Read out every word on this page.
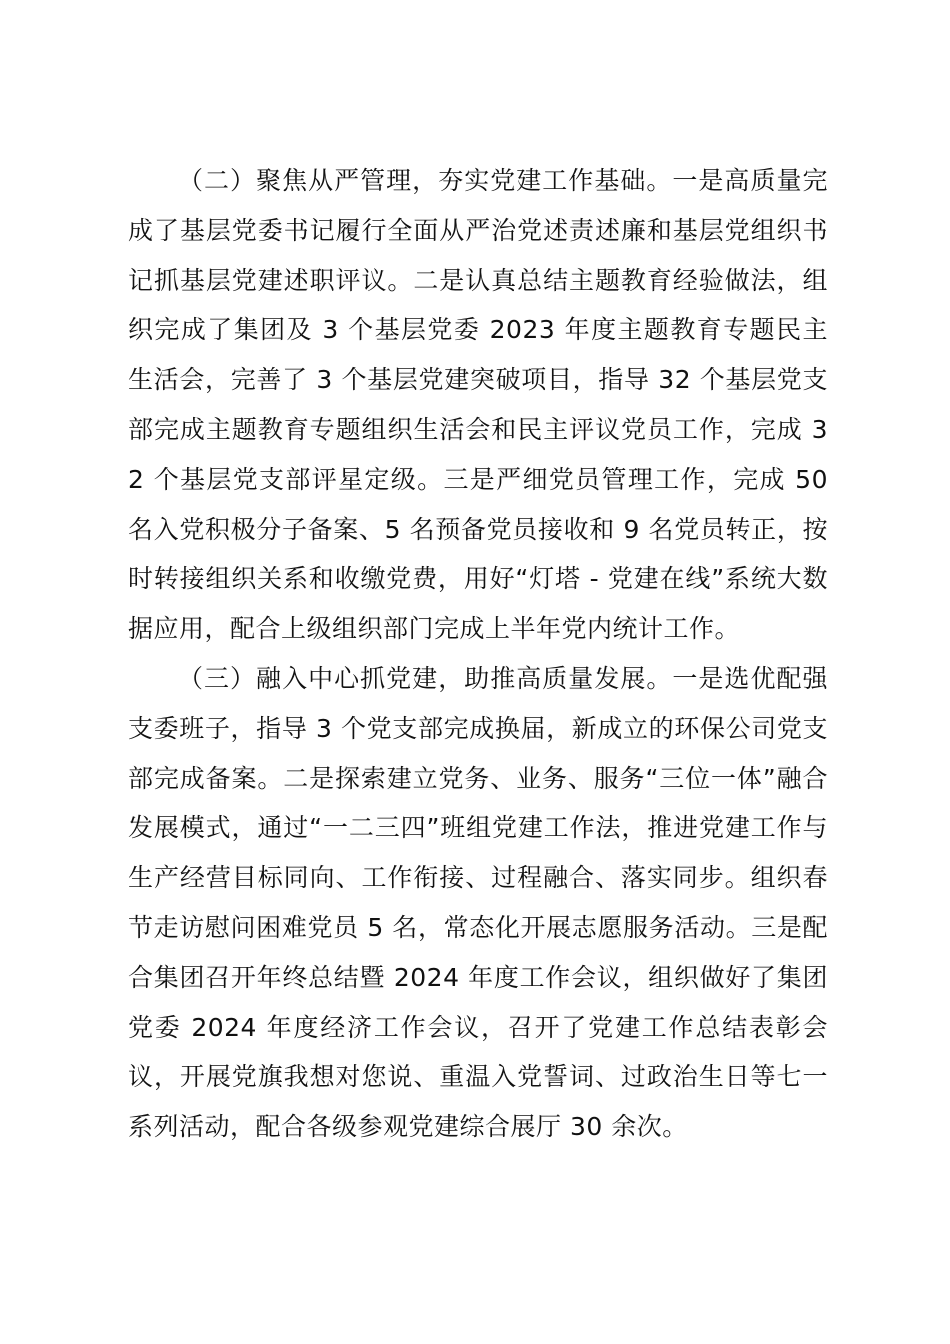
（二）聚焦从严管理，夯实党建工作基础。一是高质量完成了基层党委书记履行全面从严治党述责述廉和基层党组织书记抓基层党建述职评议。二是认真总结主题教育经验做法，组织完成了集团及 3 个基层党委 2023 年度主题教育专题民主生活会，完善了 3 个基层党建突破项目，指导 32 个基层党支部完成主题教育专题组织生活会和民主评议党员工作，完成 32 个基层党支部评星定级。三是严细党员管理工作，完成 50 名入党积极分子备案、5 名预备党员接收和 9 名党员转正，按时转接组织关系和收缴党费，用好“灯塔 - 党建在线”系统大数据应用，配合上级组织部门完成上半年党内统计工作。

（三）融入中心抓党建，助推高质量发展。一是选优配强支委班子，指导 3 个党支部完成换届，新成立的环保公司党支部完成备案。二是探索建立党务、业务、服务“三位一体”融合发展模式，通过“一二三四”班组党建工作法，推进党建工作与生产经营目标同向、工作衔接、过程融合、落实同步。组织春节走访慰问困难党员 5 名，常态化开展志愿服务活动。三是配合集团召开年终总结暨 2024 年度工作会议，组织做好了集团党委 2024 年度经济工作会议，召开了党建工作总结表彰会议，开展党旗我想对您说、重温入党誓词、过政治生日等七一系列活动，配合各级参观党建综合展厅 30 余次。
